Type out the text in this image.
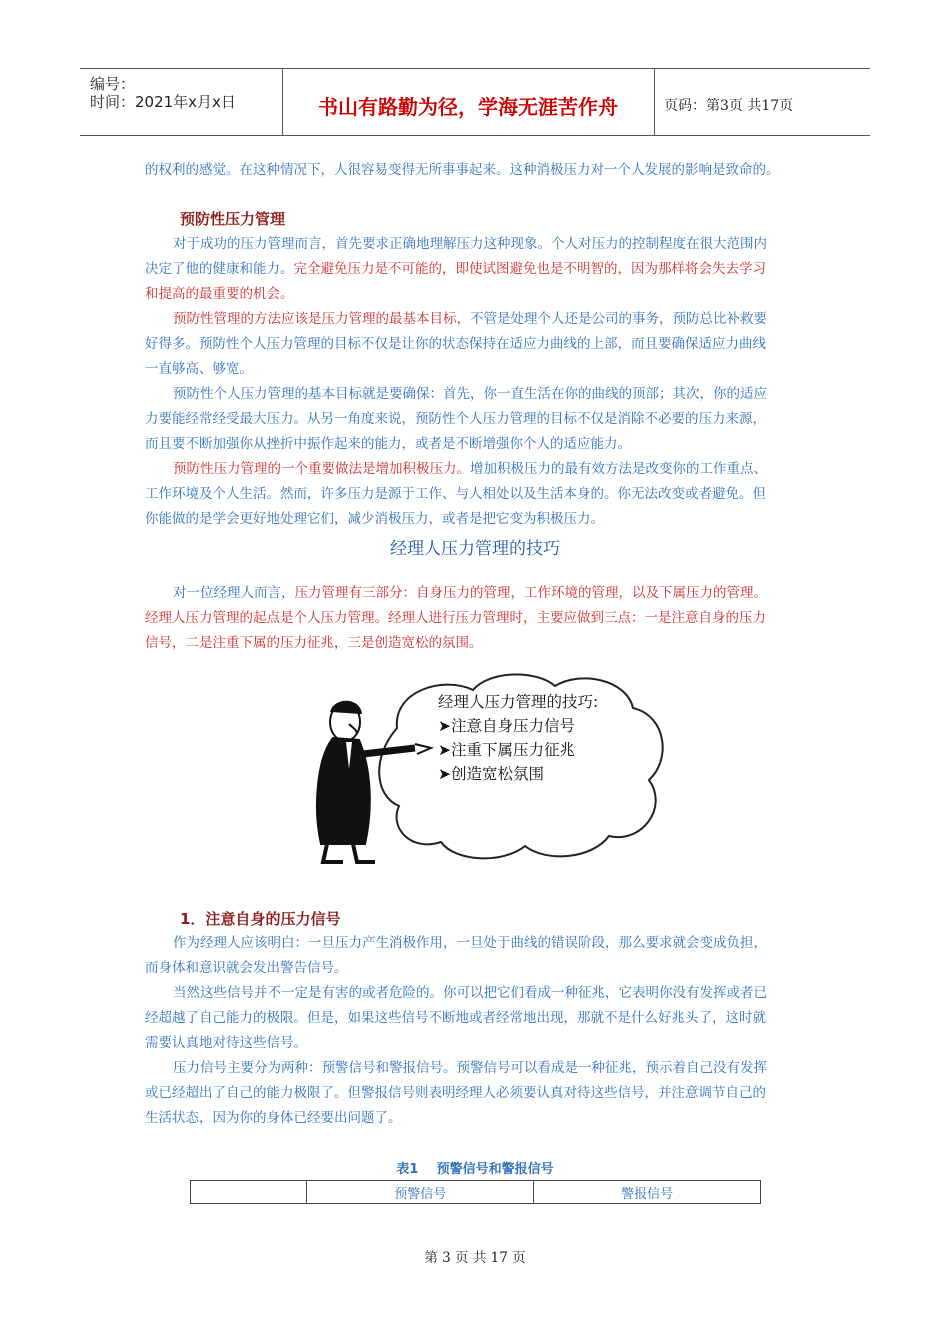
编号：
时间：2021年x月x日	书山有路勤为径，学海无涯苦作舟	页码：第3页 共17页

的权利的感觉。在这种情况下，人很容易变得无所事事起来。这种消极压力对一个人发展的影响是致命的。

预防性压力管理

对于成功的压力管理而言，首先要求正确地理解压力这种现象。个人对压力的控制程度在很大范围内
决定了他的健康和能力。完全避免压力是不可能的，即使试图避免也是不明智的，因为那样将会失去学习
和提高的最重要的机会。

预防性管理的方法应该是压力管理的最基本目标，不管是处理个人还是公司的事务，预防总比补救要
好得多。预防性个人压力管理的目标不仅是让你的状态保持在适应力曲线的上部，而且要确保适应力曲线
一直够高、够宽。

预防性个人压力管理的基本目标就是要确保：首先，你一直生活在你的曲线的顶部；其次，你的适应
力要能经常经受最大压力。从另一角度来说，预防性个人压力管理的目标不仅是消除不必要的压力来源，
而且要不断加强你从挫折中振作起来的能力，或者是不断增强你个人的适应能力。

预防性压力管理的一个重要做法是增加积极压力。增加积极压力的最有效方法是改变你的工作重点、
工作环境及个人生活。然而，许多压力是源于工作、与人相处以及生活本身的。你无法改变或者避免。但
你能做的是学会更好地处理它们，减少消极压力，或者是把它变为积极压力。

经理人压力管理的技巧

对一位经理人而言，压力管理有三部分：自身压力的管理，工作环境的管理，以及下属压力的管理。
经理人压力管理的起点是个人压力管理。经理人进行压力管理时，主要应做到三点：一是注意自身的压力
信号，二是注重下属的压力征兆，三是创造宽松的氛围。

经理人压力管理的技巧:
➤注意自身压力信号
➤注重下属压力征兆
➤创造宽松氛围

1．注意自身的压力信号

作为经理人应该明白：一旦压力产生消极作用，一旦处于曲线的错误阶段，那么要求就会变成负担，
而身体和意识就会发出警告信号。

当然这些信号并不一定是有害的或者危险的。你可以把它们看成一种征兆，它表明你没有发挥或者已
经超越了自己能力的极限。但是，如果这些信号不断地或者经常地出现，那就不是什么好兆头了，这时就
需要认真地对待这些信号。

压力信号主要分为两种：预警信号和警报信号。预警信号可以看成是一种征兆，预示着自己没有发挥
或已经超出了自己的能力极限了。但警报信号则表明经理人必须要认真对待这些信号，并注意调节自己的
生活状态，因为你的身体已经要出问题了。

表1    预警信号和警报信号
	预警信号	警报信号
第 3 页 共 17 页
